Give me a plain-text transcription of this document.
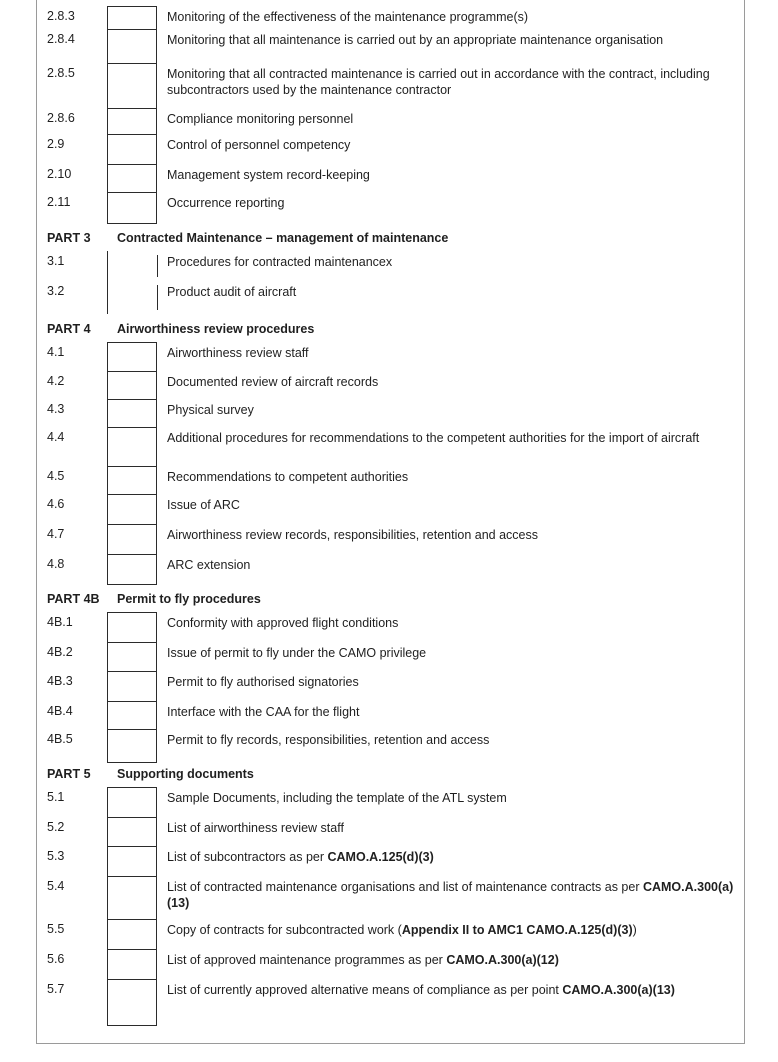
2.8.3	Monitoring of the effectiveness of the maintenance programme(s)
2.8.4	Monitoring that all maintenance is carried out by an appropriate maintenance organisation
2.8.5	Monitoring that all contracted maintenance is carried out in accordance with the contract, including subcontractors used by the maintenance contractor
2.8.6	Compliance monitoring personnel
2.9	Control of personnel competency
2.10	Management system record-keeping
2.11	Occurrence reporting
PART 3 Contracted Maintenance – management of maintenance
3.1	Procedures for contracted maintenancex
3.2	Product audit of aircraft
PART 4 Airworthiness review procedures
4.1	Airworthiness review staff
4.2	Documented review of aircraft records
4.3	Physical survey
4.4	Additional procedures for recommendations to the competent authorities for the import of aircraft
4.5	Recommendations to competent authorities
4.6	Issue of ARC
4.7	Airworthiness review records, responsibilities, retention and access
4.8	ARC extension
PART 4B Permit to fly procedures
4B.1	Conformity with approved flight conditions
4B.2	Issue of permit to fly under the CAMO privilege
4B.3	Permit to fly authorised signatories
4B.4	Interface with the CAA for the flight
4B.5	Permit to fly records, responsibilities, retention and access
PART 5 Supporting documents
5.1	Sample Documents, including the template of the ATL system
5.2	List of airworthiness review staff
5.3	List of subcontractors as per CAMO.A.125(d)(3)
5.4	List of contracted maintenance organisations and list of maintenance contracts as per CAMO.A.300(a)(13)
5.5	Copy of contracts for subcontracted work (Appendix II to AMC1 CAMO.A.125(d)(3))
5.6	List of approved maintenance programmes as per CAMO.A.300(a)(12)
5.7	List of currently approved alternative means of compliance as per point CAMO.A.300(a)(13)
